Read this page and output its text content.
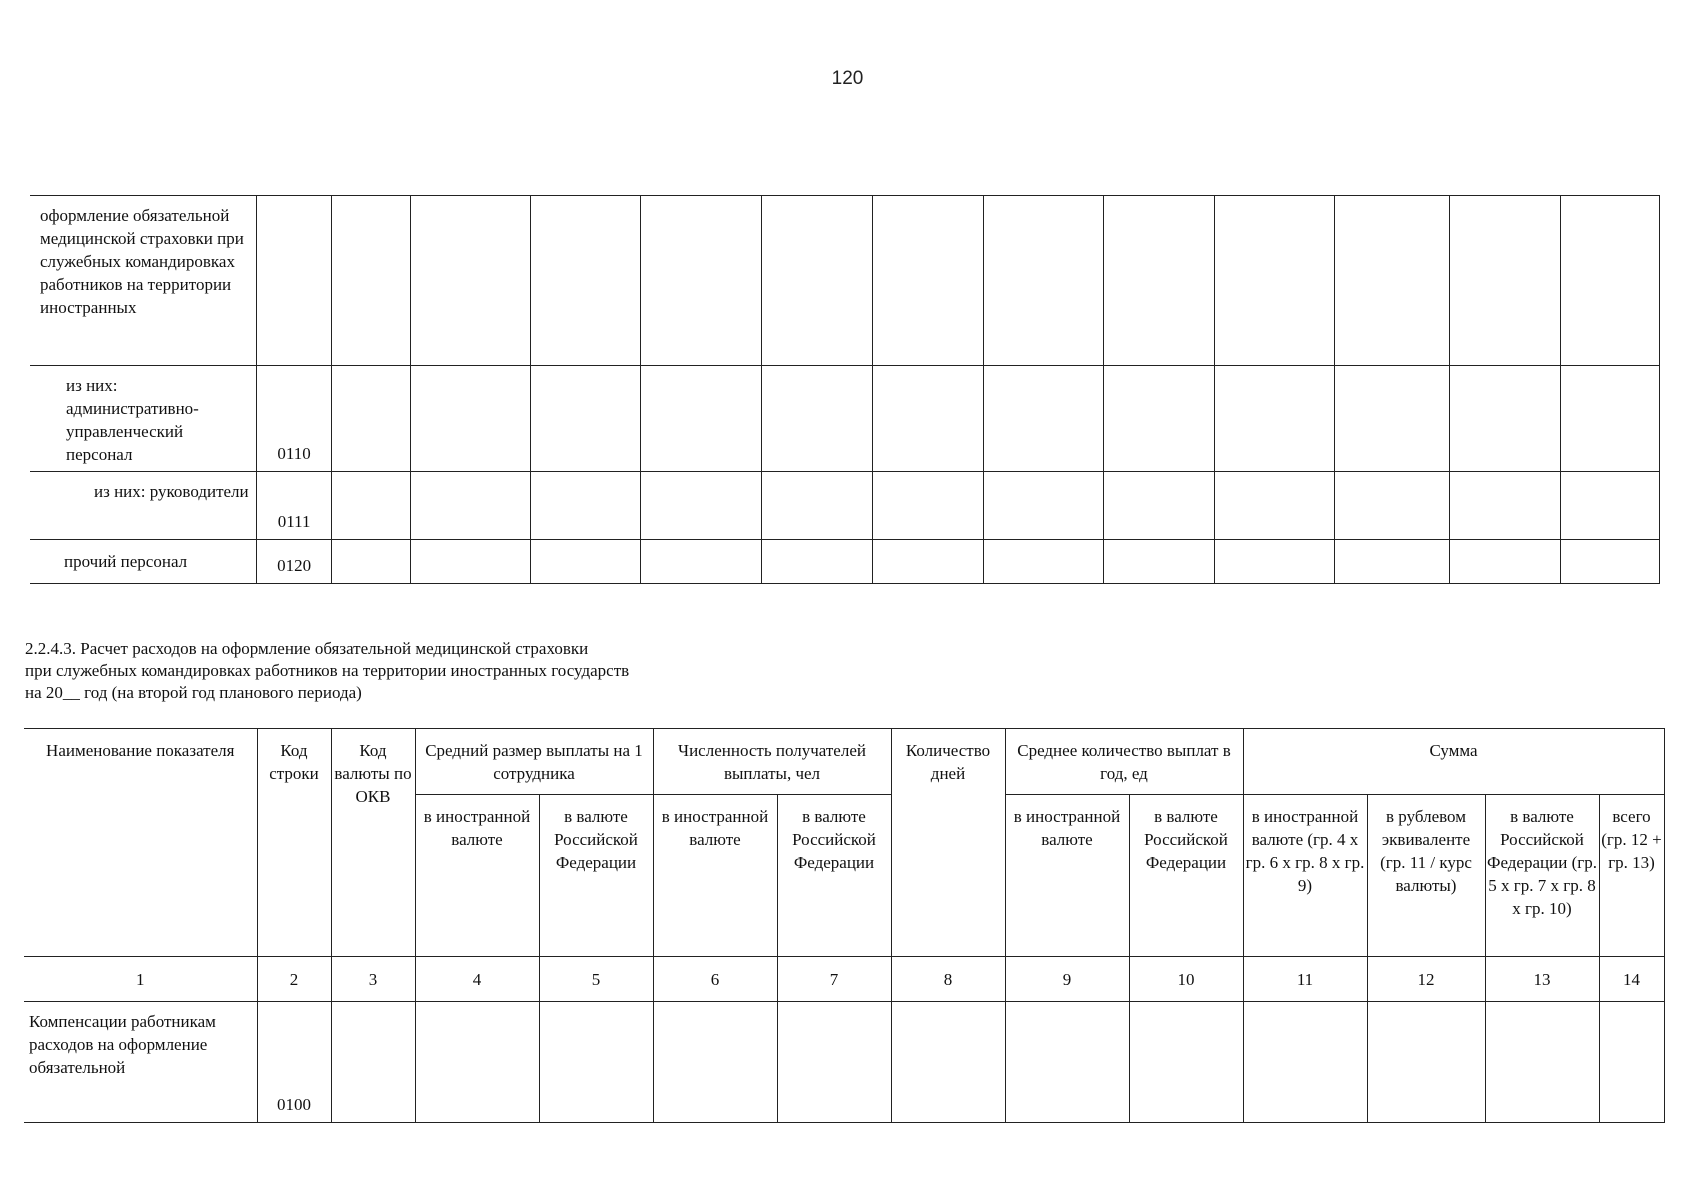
120
оформление обязательной медицинской страховки при служебных командировках работников на территории иностранных													
из них: административно-управленческий персонал	0110												
из них: руководители	0111												
прочий персонал	0120												
2.2.4.3. Расчет расходов на оформление обязательной медицинской страховки
при служебных командировках работников на территории иностранных государств
на 20__ год (на второй год планового периода)
Наименование показателя	Код строки	Код валюты по ОКВ	Средний размер выплаты на 1 сотрудника		Численность получателей выплаты, чел		Количество дней	Среднее количество выплат в год, ед		Сумма			
			в иностранной валюте	в валюте Российской Федерации	в иностранной валюте	в валюте Российской Федерации		в иностранной валюте	в валюте Российской Федерации	в иностранной валюте (гр. 4 х гр. 6 х гр. 8 х гр. 9)	в рублевом эквиваленте (гр. 11 / курс валюты)	в валюте Российской Федерации (гр. 5 х гр. 7 х гр. 8 х гр. 10)	всего (гр. 12 + гр. 13)
1	2	3	4	5	6	7	8	9	10	11	12	13	14
Компенсации работникам расходов на оформление обязательной	0100												
